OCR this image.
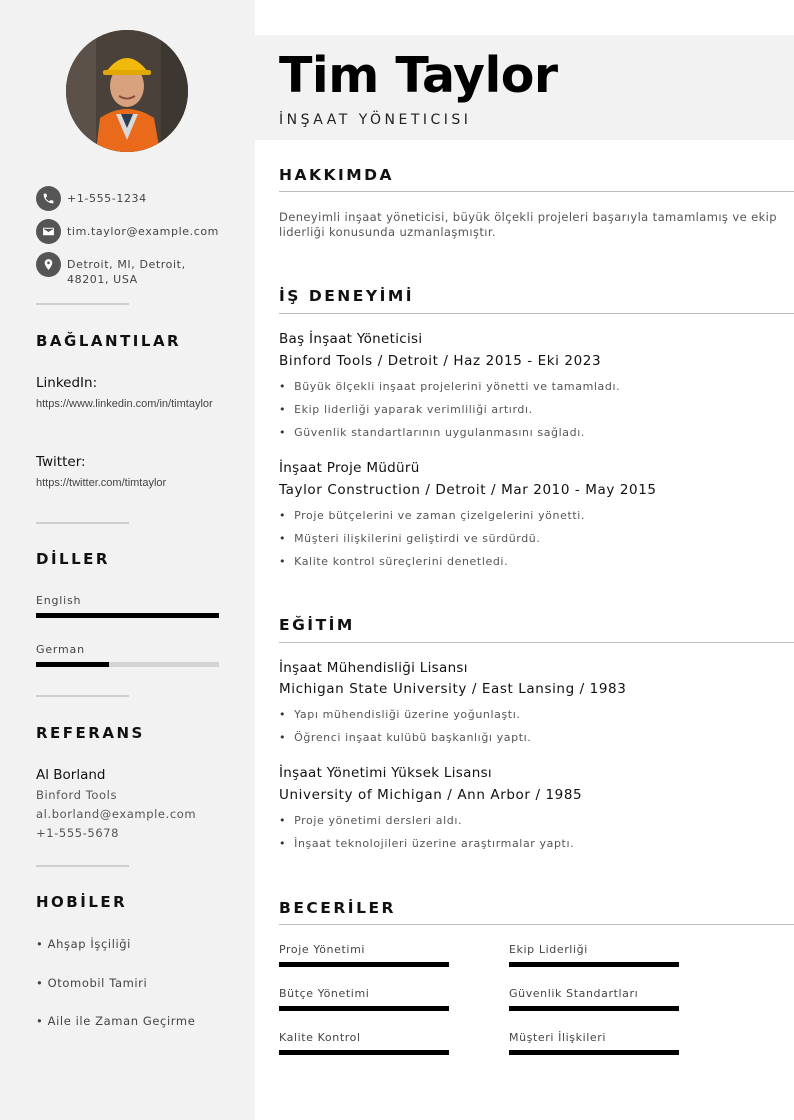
+1-555-1234
tim.taylor@example.com
Detroit, MI, Detroit, 48201, USA
BAĞLANTILAR
LinkedIn:
https://www.linkedin.com/in/timtaylor
Twitter:
https://twitter.com/timtaylor
DİLLER
English
German
REFERANS
Al Borland
Binford Tools
al.borland@example.com
+1-555-5678
HOBİLER
• Ahşap İşçiliği
• Otomobil Tamiri
• Aile ile Zaman Geçirme
Tim Taylor
İNŞAAT YÖNETICISI
HAKKIMDA
Deneyimli inşaat yöneticisi, büyük ölçekli projeleri başarıyla tamamlamış ve ekip liderliği konusunda uzmanlaşmıştır.
İŞ DENEYİMİ
Baş İnşaat Yöneticisi
Binford Tools / Detroit / Haz 2015 - Eki 2023
• Büyük ölçekli inşaat projelerini yönetti ve tamamladı.
• Ekip liderliği yaparak verimliliği artırdı.
• Güvenlik standartlarının uygulanmasını sağladı.
İnşaat Proje Müdürü
Taylor Construction / Detroit / Mar 2010 - May 2015
• Proje bütçelerini ve zaman çizelgelerini yönetti.
• Müşteri ilişkilerini geliştirdi ve sürdürdü.
• Kalite kontrol süreçlerini denetledi.
EĞİTİM
İnşaat Mühendisliği Lisansı
Michigan State University / East Lansing / 1983
• Yapı mühendisliği üzerine yoğunlaştı.
• Öğrenci inşaat kulübü başkanlığı yaptı.
İnşaat Yönetimi Yüksek Lisansı
University of Michigan / Ann Arbor / 1985
• Proje yönetimi dersleri aldı.
• İnşaat teknolojileri üzerine araştırmalar yaptı.
BECERİLER
Proje Yönetimi	Ekip Liderliği
Bütçe Yönetimi	Güvenlik Standartları
Kalite Kontrol	Müşteri İlişkileri
